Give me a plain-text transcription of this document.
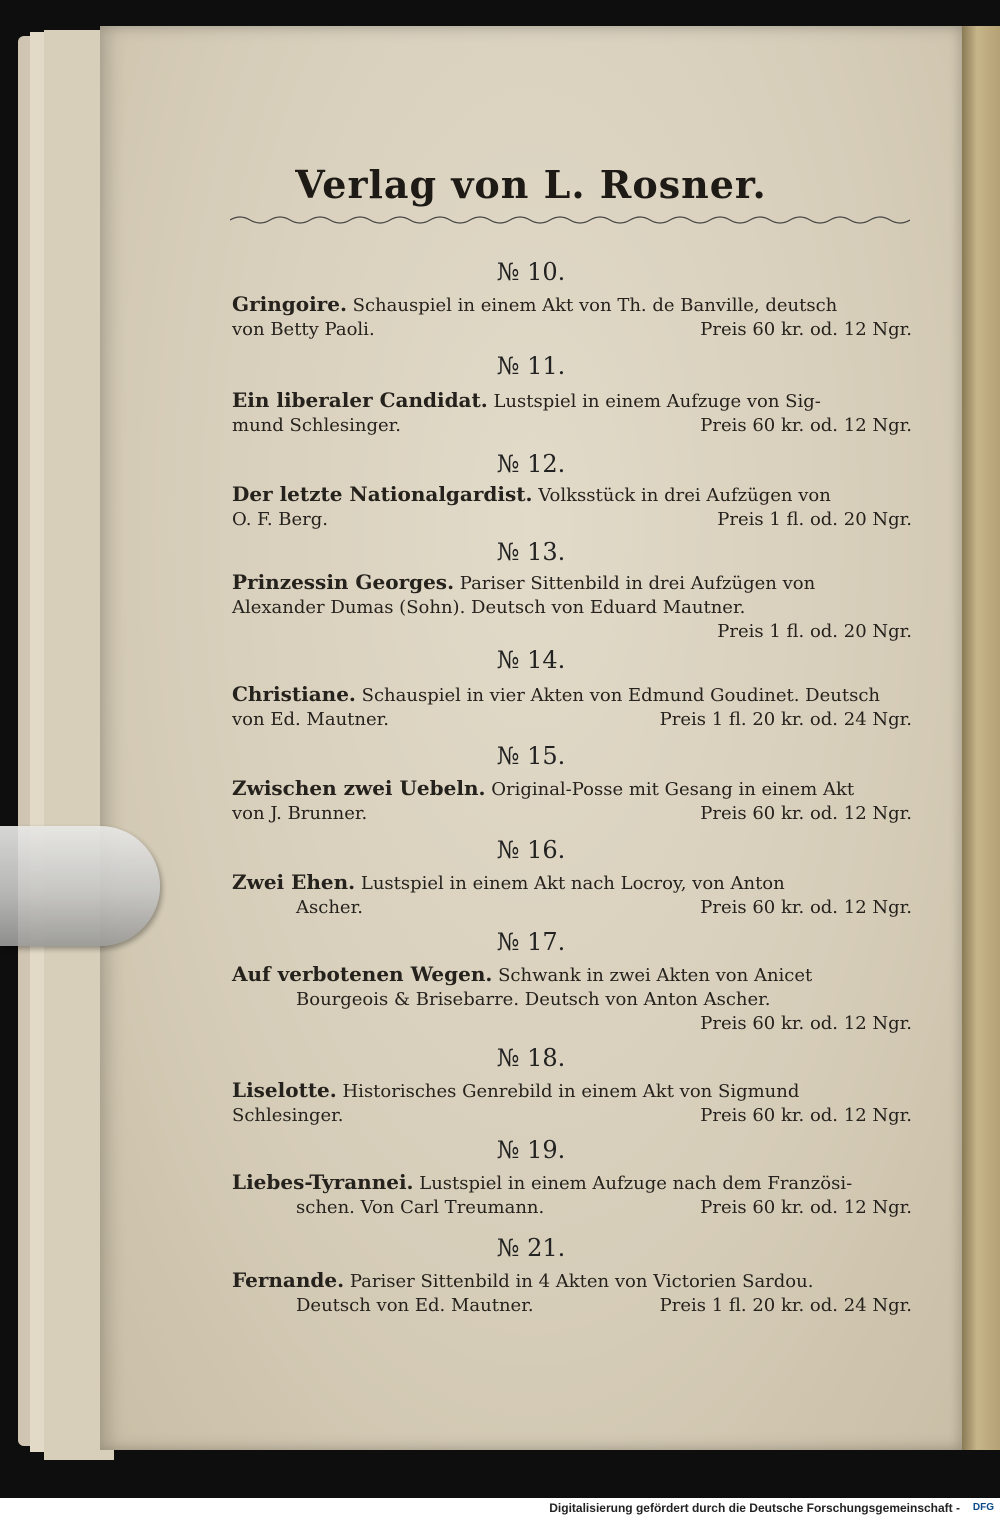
Verlag von L. Rosner.
№ 10.
Gringoire. Schauspiel in einem Akt von Th. de Banville, deutsch
von Betty Paoli.	Preis 60 kr. od. 12 Ngr.
№ 11.
Ein liberaler Candidat. Lustspiel in einem Aufzuge von Sig-
mund Schlesinger.	Preis 60 kr. od. 12 Ngr.
№ 12.
Der letzte Nationalgardist. Volksstück in drei Aufzügen von
O. F. Berg.	Preis 1 fl. od. 20 Ngr.
№ 13.
Prinzessin Georges. Pariser Sittenbild in drei Aufzügen von
Alexander Dumas (Sohn). Deutsch von Eduard Mautner.
Preis 1 fl. od. 20 Ngr.
№ 14.
Christiane. Schauspiel in vier Akten von Edmund Goudinet. Deutsch
von Ed. Mautner.	Preis 1 fl. 20 kr. od. 24 Ngr.
№ 15.
Zwischen zwei Uebeln. Original-Posse mit Gesang in einem Akt
von J. Brunner.	Preis 60 kr. od. 12 Ngr.
№ 16.
Zwei Ehen. Lustspiel in einem Akt nach Locroy, von Anton
Ascher.	Preis 60 kr. od. 12 Ngr.
№ 17.
Auf verbotenen Wegen. Schwank in zwei Akten von Anicet
Bourgeois & Brisebarre. Deutsch von Anton Ascher.
Preis 60 kr. od. 12 Ngr.
№ 18.
Liselotte. Historisches Genrebild in einem Akt von Sigmund
Schlesinger.	Preis 60 kr. od. 12 Ngr.
№ 19.
Liebes-Tyrannei. Lustspiel in einem Aufzuge nach dem Französi-
schen. Von Carl Treumann.	Preis 60 kr. od. 12 Ngr.
№ 21.
Fernande. Pariser Sittenbild in 4 Akten von Victorien Sardou.
Deutsch von Ed. Mautner.	Preis 1 fl. 20 kr. od. 24 Ngr.
Digitalisierung gefördert durch die Deutsche Forschungsgemeinschaft - DFG
